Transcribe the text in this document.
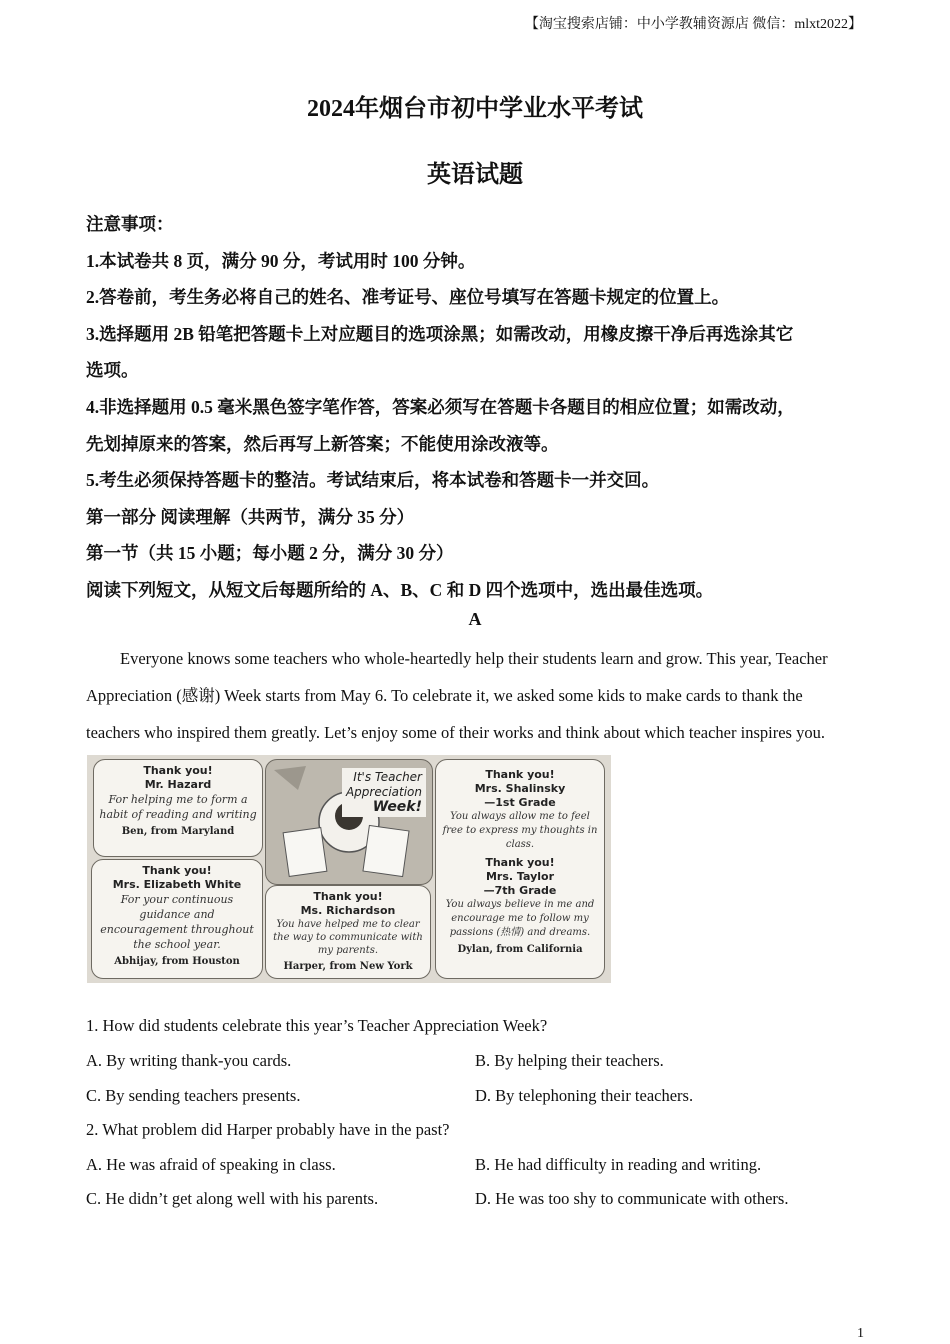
【淘宝搜索店铺：中小学教辅资源店 微信：mlxt2022】
2024年烟台市初中学业水平考试
英语试题
注意事项：
1.本试卷共 8 页，满分 90 分，考试用时 100 分钟。
2.答卷前，考生务必将自己的姓名、准考证号、座位号填写在答题卡规定的位置上。
3.选择题用 2B 铅笔把答题卡上对应题目的选项涂黑；如需改动，用橡皮擦干净后再选涂其它
选项。
4.非选择题用 0.5 毫米黑色签字笔作答，答案必须写在答题卡各题目的相应位置；如需改动，
先划掉原来的答案，然后再写上新答案；不能使用涂改液等。
5.考生必须保持答题卡的整洁。考试结束后，将本试卷和答题卡一并交回。
第一部分 阅读理解（共两节，满分 35 分）
第一节（共 15 小题；每小题 2 分，满分 30 分）
阅读下列短文，从短文后每题所给的 A、B、C 和 D 四个选项中，选出最佳选项。
A
Everyone knows some teachers who whole-heartedly help their students learn and grow. This year, Teacher
Appreciation (感谢) Week starts from May 6. To celebrate it, we asked some kids to make cards to thank the
teachers who inspired them greatly. Let’s enjoy some of their works and think about which teacher inspires you.
Thank you!
Mr. Hazard
For helping me to form a habit of reading and writing
Ben, from Maryland
Thank you!
Mrs. Elizabeth White
For your continuous guidance and encouragement throughout the school year.
Abhijay, from Houston
It's Teacher
Appreciation
Week!
Thank you!
Ms. Richardson
You have helped me to clear the way to communicate with my parents.
Harper, from New York
Thank you!
Mrs. Shalinsky
—1st Grade
You always allow me to feel free to express my thoughts in class.
Thank you!
Mrs. Taylor
—7th Grade
You always believe in me and encourage me to follow my passions (热情) and dreams.
Dylan, from California
1. How did students celebrate this year’s Teacher Appreciation Week?
A. By writing thank-you cards.	B. By helping their teachers.
C. By sending teachers presents.	D. By telephoning their teachers.
2. What problem did Harper probably have in the past?
A. He was afraid of speaking in class.	B. He had difficulty in reading and writing.
C. He didn’t get along well with his parents.	D. He was too shy to communicate with others.
1
